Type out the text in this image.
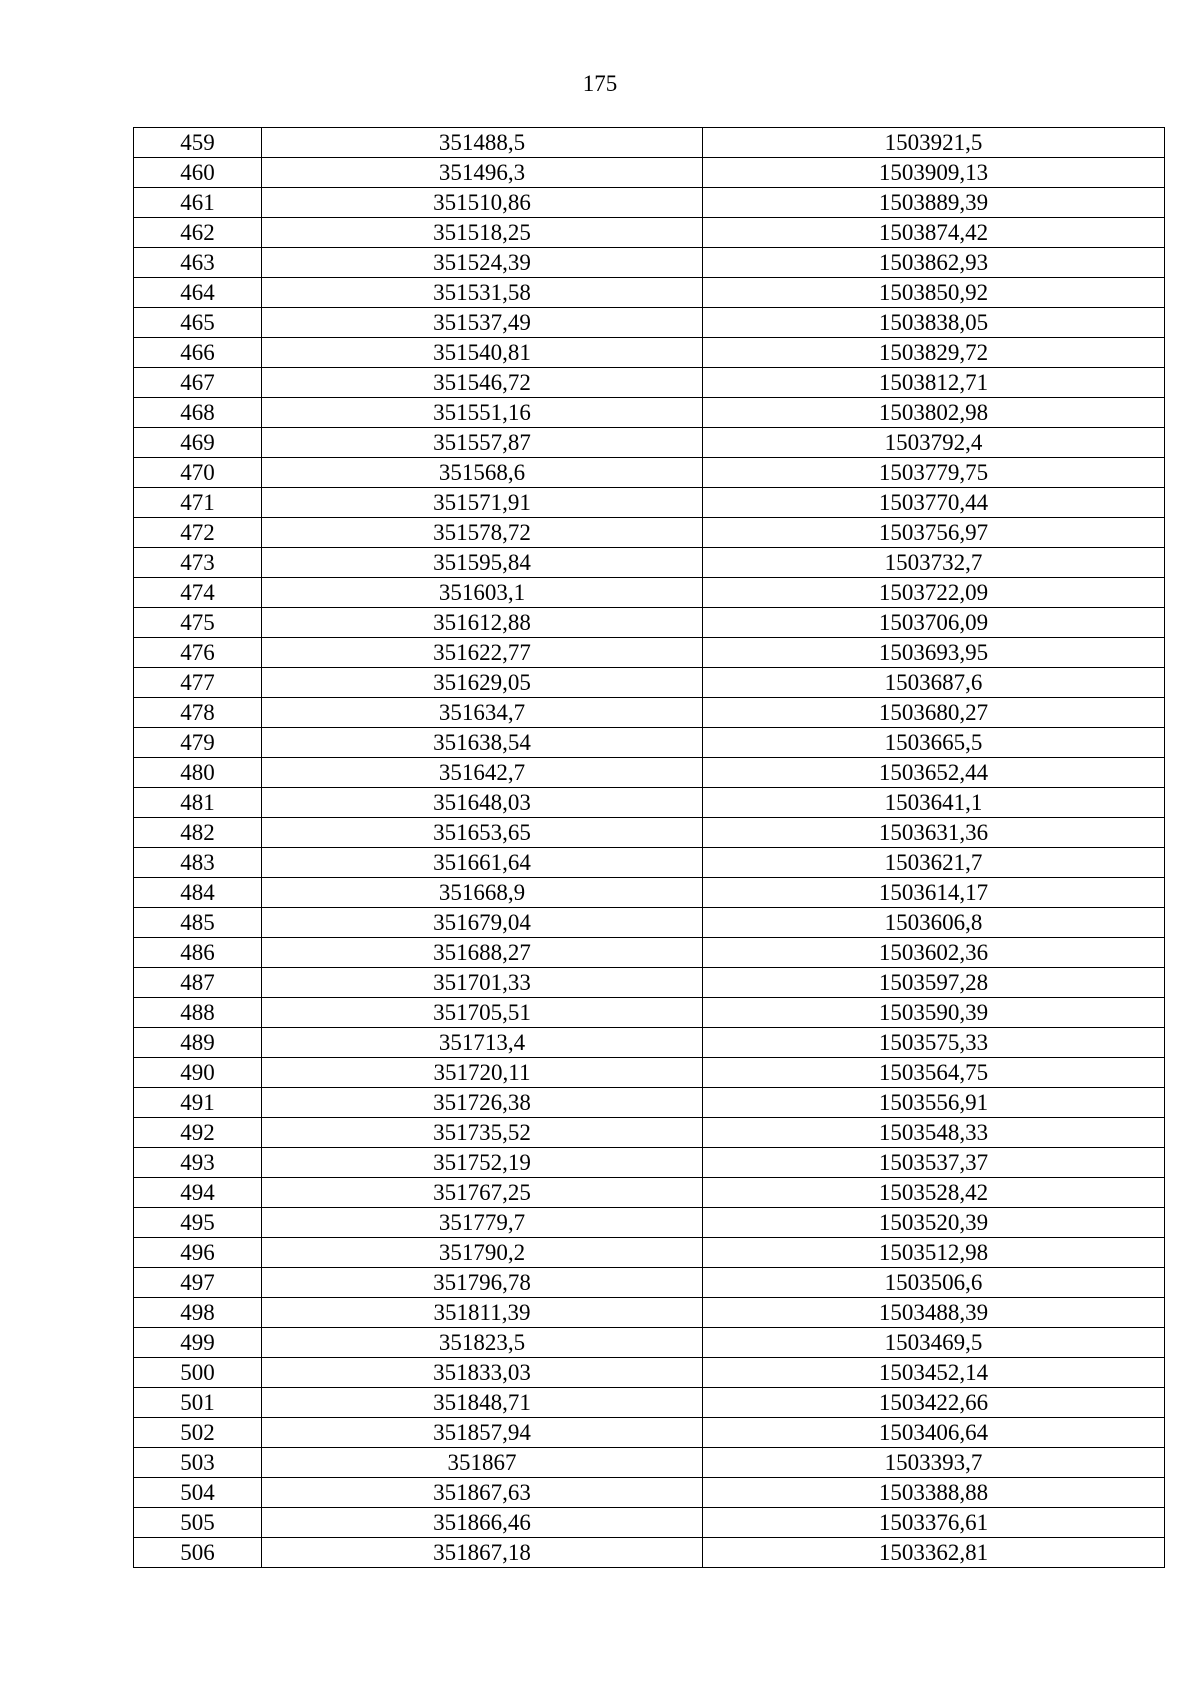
175
459	351488,5	1503921,5
460	351496,3	1503909,13
461	351510,86	1503889,39
462	351518,25	1503874,42
463	351524,39	1503862,93
464	351531,58	1503850,92
465	351537,49	1503838,05
466	351540,81	1503829,72
467	351546,72	1503812,71
468	351551,16	1503802,98
469	351557,87	1503792,4
470	351568,6	1503779,75
471	351571,91	1503770,44
472	351578,72	1503756,97
473	351595,84	1503732,7
474	351603,1	1503722,09
475	351612,88	1503706,09
476	351622,77	1503693,95
477	351629,05	1503687,6
478	351634,7	1503680,27
479	351638,54	1503665,5
480	351642,7	1503652,44
481	351648,03	1503641,1
482	351653,65	1503631,36
483	351661,64	1503621,7
484	351668,9	1503614,17
485	351679,04	1503606,8
486	351688,27	1503602,36
487	351701,33	1503597,28
488	351705,51	1503590,39
489	351713,4	1503575,33
490	351720,11	1503564,75
491	351726,38	1503556,91
492	351735,52	1503548,33
493	351752,19	1503537,37
494	351767,25	1503528,42
495	351779,7	1503520,39
496	351790,2	1503512,98
497	351796,78	1503506,6
498	351811,39	1503488,39
499	351823,5	1503469,5
500	351833,03	1503452,14
501	351848,71	1503422,66
502	351857,94	1503406,64
503	351867	1503393,7
504	351867,63	1503388,88
505	351866,46	1503376,61
506	351867,18	1503362,81
